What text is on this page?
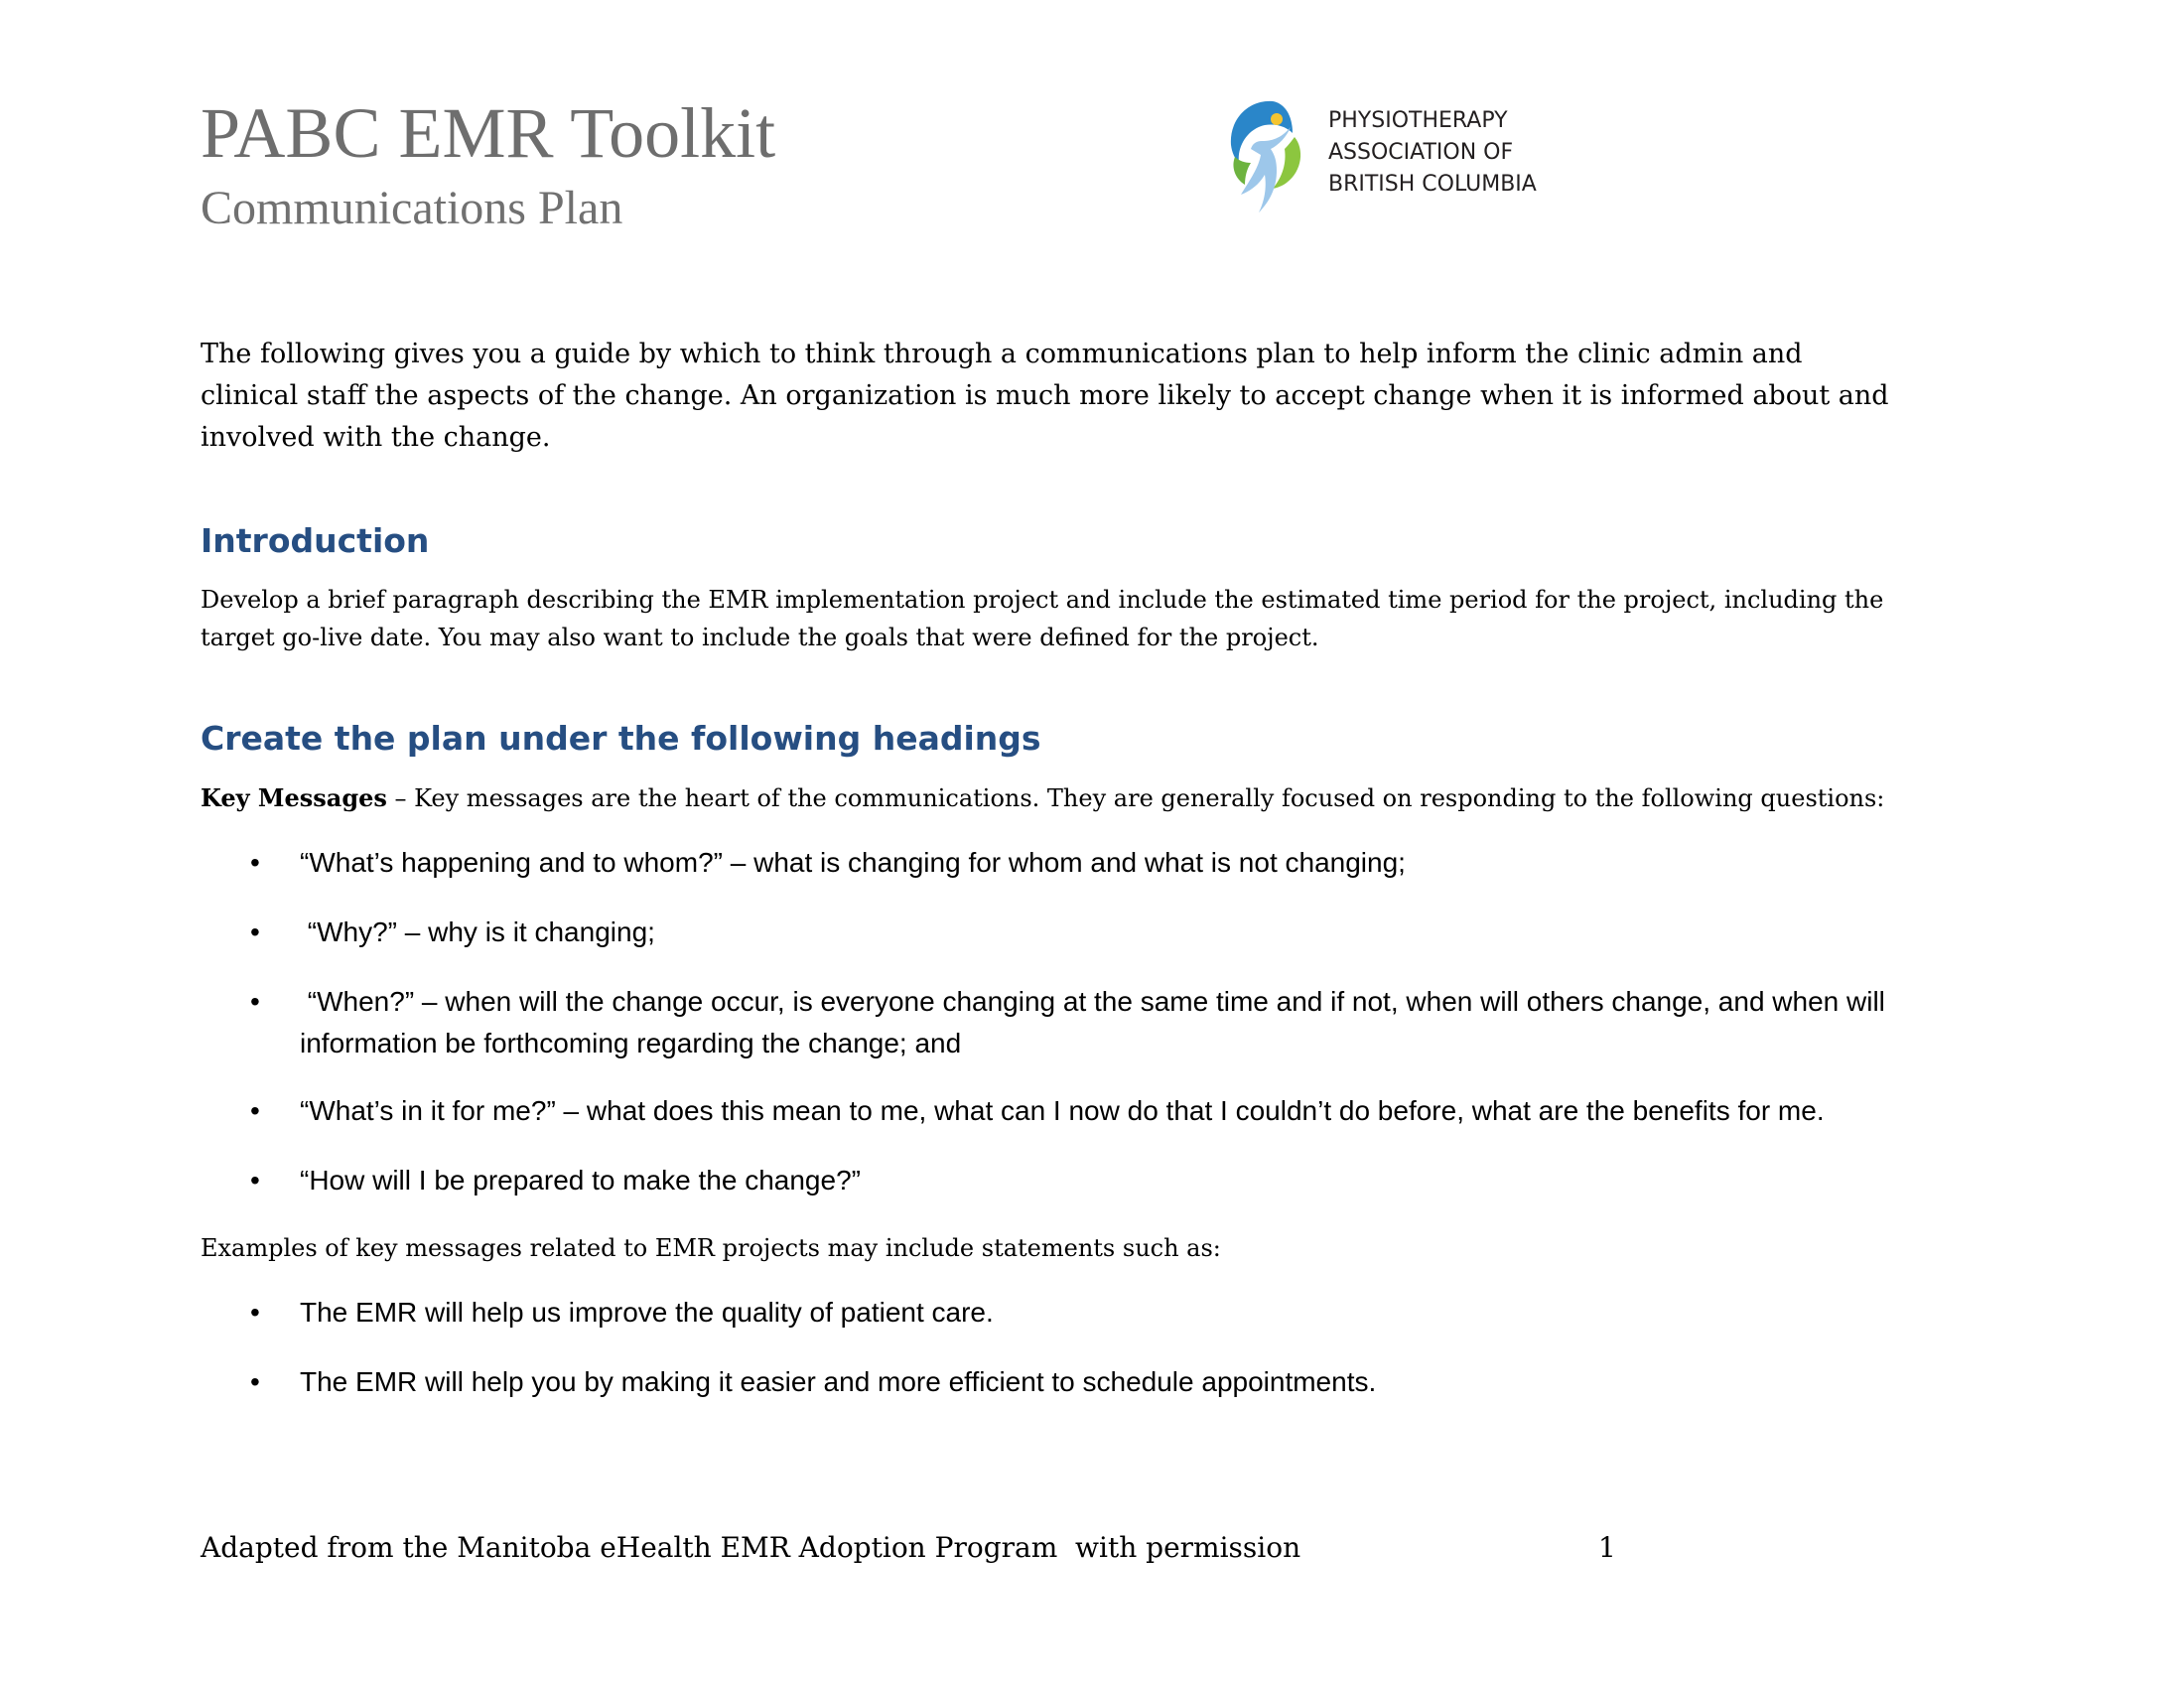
PABC EMR Toolkit
Communications Plan
PHYSIOTHERAPY
ASSOCIATION OF
BRITISH COLUMBIA
The following gives you a guide by which to think through a communications plan to help inform the clinic admin and clinical staff the aspects of the change. An organization is much more likely to accept change when it is informed about and involved with the change.
Introduction
Develop a brief paragraph describing the EMR implementation project and include the estimated time period for the project, including the target go-live date. You may also want to include the goals that were defined for the project.
Create the plan under the following headings
Key Messages – Key messages are the heart of the communications. They are generally focused on responding to the following questions:
• “What’s happening and to whom?” – what is changing for whom and what is not changing;
• “Why?” – why is it changing;
• “When?” – when will the change occur, is everyone changing at the same time and if not, when will others change, and when will information be forthcoming regarding the change; and
• “What’s in it for me?” – what does this mean to me, what can I now do that I couldn’t do before, what are the benefits for me.
• “How will I be prepared to make the change?”
Examples of key messages related to EMR projects may include statements such as:
• The EMR will help us improve the quality of patient care.
• The EMR will help you by making it easier and more efficient to schedule appointments.
Adapted from the Manitoba eHealth EMR Adoption Program  with permission	1
